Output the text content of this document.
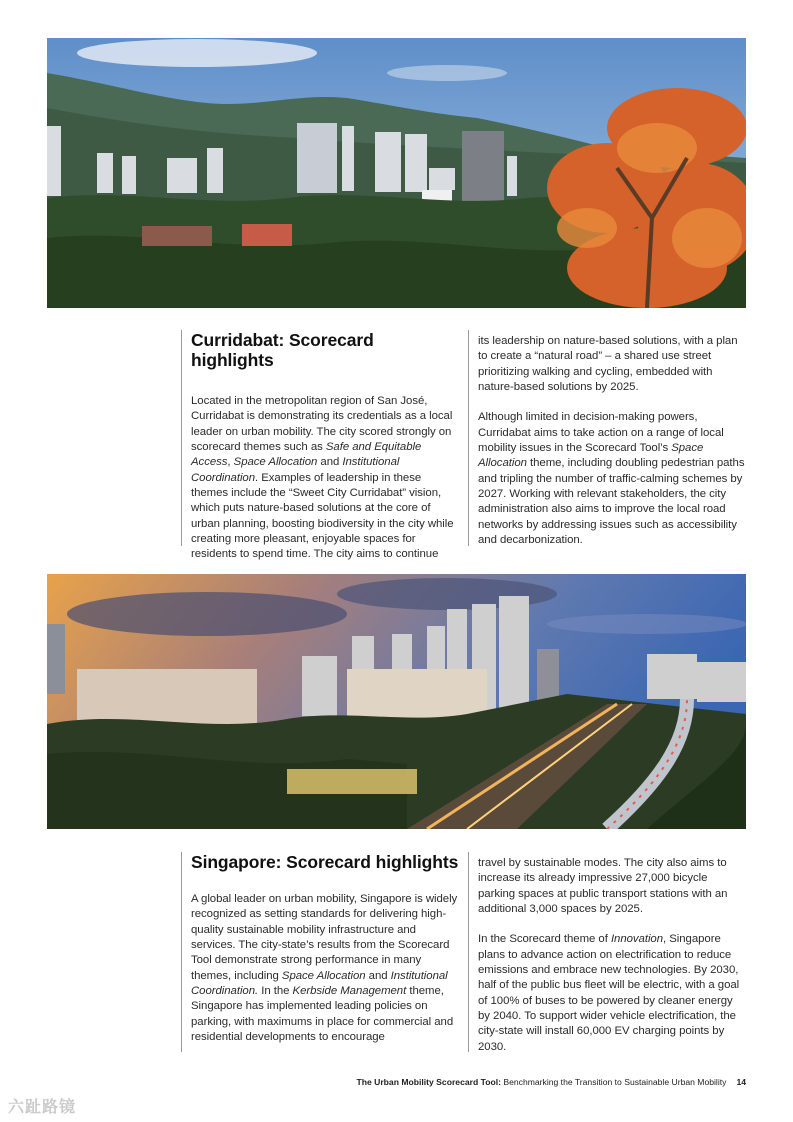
Curridabat: Scorecard highlights

Located in the metropolitan region of San José, Curridabat is demonstrating its credentials as a local leader on urban mobility. The city scored strongly on scorecard themes such as Safe and Equitable Access, Space Allocation and Institutional Coordination. Examples of leadership in these themes include the “Sweet City Curridabat” vision, which puts nature-based solutions at the core of urban planning, boosting biodiversity in the city while creating more pleasant, enjoyable spaces for residents to spend time. The city aims to continue

its leadership on nature-based solutions, with a plan to create a “natural road” – a shared use street prioritizing walking and cycling, embedded with nature-based solutions by 2025.

Although limited in decision-making powers, Curridabat aims to take action on a range of local mobility issues in the Scorecard Tool’s Space Allocation theme, including doubling pedestrian paths and tripling the number of traffic-calming schemes by 2027. Working with relevant stakeholders, the city administration also aims to improve the local road networks by addressing issues such as accessibility and decarbonization.

Singapore: Scorecard highlights

A global leader on urban mobility, Singapore is widely recognized as setting standards for delivering high-quality sustainable mobility infrastructure and services. The city-state’s results from the Scorecard Tool demonstrate strong performance in many themes, including Space Allocation and Institutional Coordination. In the Kerbside Management theme, Singapore has implemented leading policies on parking, with maximums in place for commercial and residential developments to encourage

travel by sustainable modes. The city also aims to increase its already impressive 27,000 bicycle parking spaces at public transport stations with an additional 3,000 spaces by 2025.

In the Scorecard theme of Innovation, Singapore plans to advance action on electrification to reduce emissions and embrace new technologies. By 2030, half of the public bus fleet will be electric, with a goal of 100% of buses to be powered by cleaner energy by 2040. To support wider vehicle electrification, the city-state will install 60,000 EV charging points by 2030.

The Urban Mobility Scorecard Tool: Benchmarking the Transition to Sustainable Urban Mobility 14
六趾路镜
